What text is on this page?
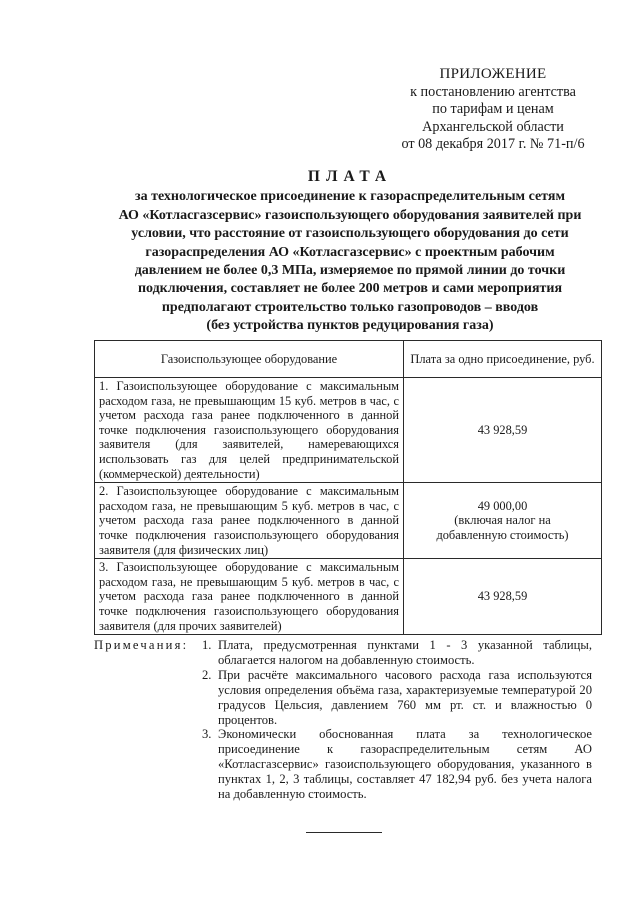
ПРИЛОЖЕНИЕ
к постановлению агентства
по тарифам и ценам
Архангельской области
от 08 декабря 2017 г. № 71-п/6
ПЛАТА
за технологическое присоединение к газораспределительным сетям
АО «Котласгазсервис» газоиспользующего оборудования заявителей при
условии, что расстояние от газоиспользующего оборудования до сети
газораспределения АО «Котласгазсервис» с проектным рабочим
давлением не более 0,3 МПа, измеряемое по прямой линии до точки
подключения, составляет не более 200 метров и сами мероприятия
предполагают строительство только газопроводов – вводов
(без устройства пунктов редуцирования газа)
Газоиспользующее оборудование	Плата за одно присоединение, руб.
1. Газоиспользующее оборудование с максимальным расходом газа, не превышающим 15 куб. метров в час, с учетом расхода газа ранее подключенного в данной точке подключения газоиспользующего оборудования заявителя (для заявителей, намеревающихся использовать газ для целей предпринимательской (коммерческой) деятельности)	43 928,59

2. Газоиспользующее оборудование с максимальным расходом газа, не превышающим 5 куб. метров в час, с учетом расхода газа ранее подключенного в данной точке подключения газоиспользующего оборудования заявителя (для физических лиц)	49 000,00
(включая налог на добавленную стоимость)

3. Газоиспользующее оборудование с максимальным расходом газа, не превышающим 5 куб. метров в час, с учетом расхода газа ранее подключенного в данной точке подключения газоиспользующего оборудования заявителя (для прочих заявителей)	43 928,59
Примечания: 1. Плата, предусмотренная пунктами 1 - 3 указанной таблицы, облагается налогом на добавленную стоимость.
2. При расчёте максимального часового расхода газа используются условия определения объёма газа, характеризуемые температурой 20 градусов Цельсия, давлением 760 мм рт. ст. и влажностью 0 процентов.
3. Экономически обоснованная плата за технологическое присоединение к газораспределительным сетям АО «Котласгазсервис» газоиспользующего оборудования, указанного в пунктах 1, 2, 3 таблицы, составляет 47 182,94 руб. без учета налога на добавленную стоимость.
